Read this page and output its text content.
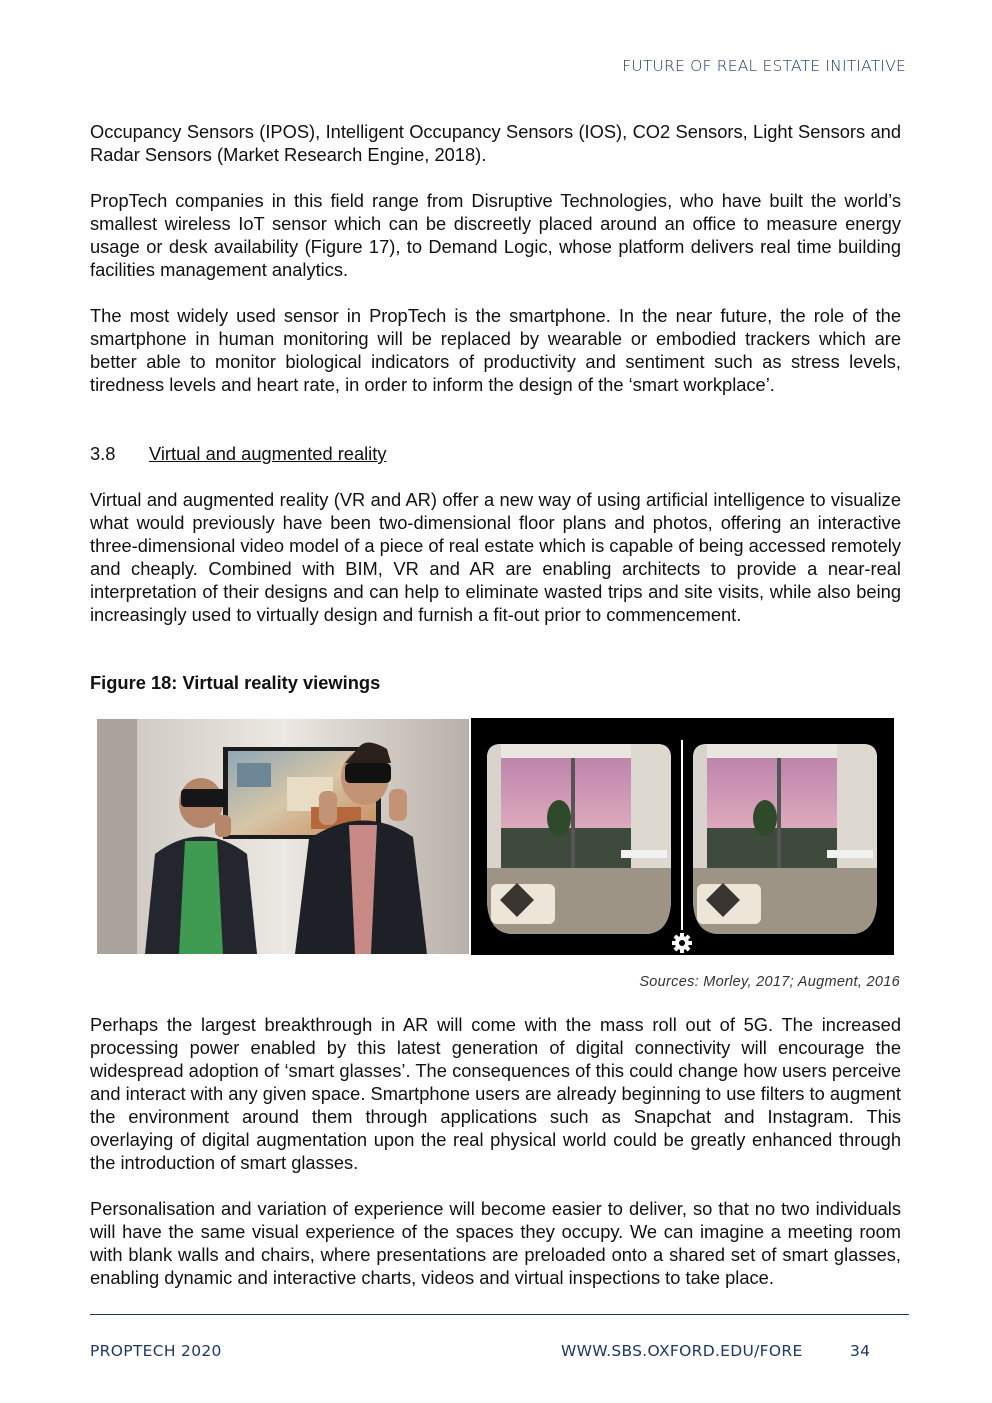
FUTURE OF REAL ESTATE INITIATIVE

Occupancy Sensors (IPOS), Intelligent Occupancy Sensors (IOS), CO2 Sensors, Light Sensors and Radar Sensors (Market Research Engine, 2018).

PropTech companies in this field range from Disruptive Technologies, who have built the world’s smallest wireless IoT sensor which can be discreetly placed around an office to measure energy usage or desk availability (Figure 17), to Demand Logic, whose platform delivers real time building facilities management analytics.

The most widely used sensor in PropTech is the smartphone. In the near future, the role of the smartphone in human monitoring will be replaced by wearable or embodied trackers which are better able to monitor biological indicators of productivity and sentiment such as stress levels, tiredness levels and heart rate, in order to inform the design of the ‘smart workplace’.

3.8 Virtual and augmented reality

Virtual and augmented reality (VR and AR) offer a new way of using artificial intelligence to visualize what would previously have been two-dimensional floor plans and photos, offering an interactive three-dimensional video model of a piece of real estate which is capable of being accessed remotely and cheaply. Combined with BIM, VR and AR are enabling architects to provide a near-real interpretation of their designs and can help to eliminate wasted trips and site visits, while also being increasingly used to virtually design and furnish a fit-out prior to commencement.

Figure 18: Virtual reality viewings
Sources: Morley, 2017; Augment, 2016

Perhaps the largest breakthrough in AR will come with the mass roll out of 5G. The increased processing power enabled by this latest generation of digital connectivity will encourage the widespread adoption of ‘smart glasses’. The consequences of this could change how users perceive and interact with any given space. Smartphone users are already beginning to use filters to augment the environment around them through applications such as Snapchat and Instagram. This overlaying of digital augmentation upon the real physical world could be greatly enhanced through the introduction of smart glasses.

Personalisation and variation of experience will become easier to deliver, so that no two individuals will have the same visual experience of the spaces they occupy. We can imagine a meeting room with blank walls and chairs, where presentations are preloaded onto a shared set of smart glasses, enabling dynamic and interactive charts, videos and virtual inspections to take place.

PROPTECH 2020	WWW.SBS.OXFORD.EDU/FORE	34
